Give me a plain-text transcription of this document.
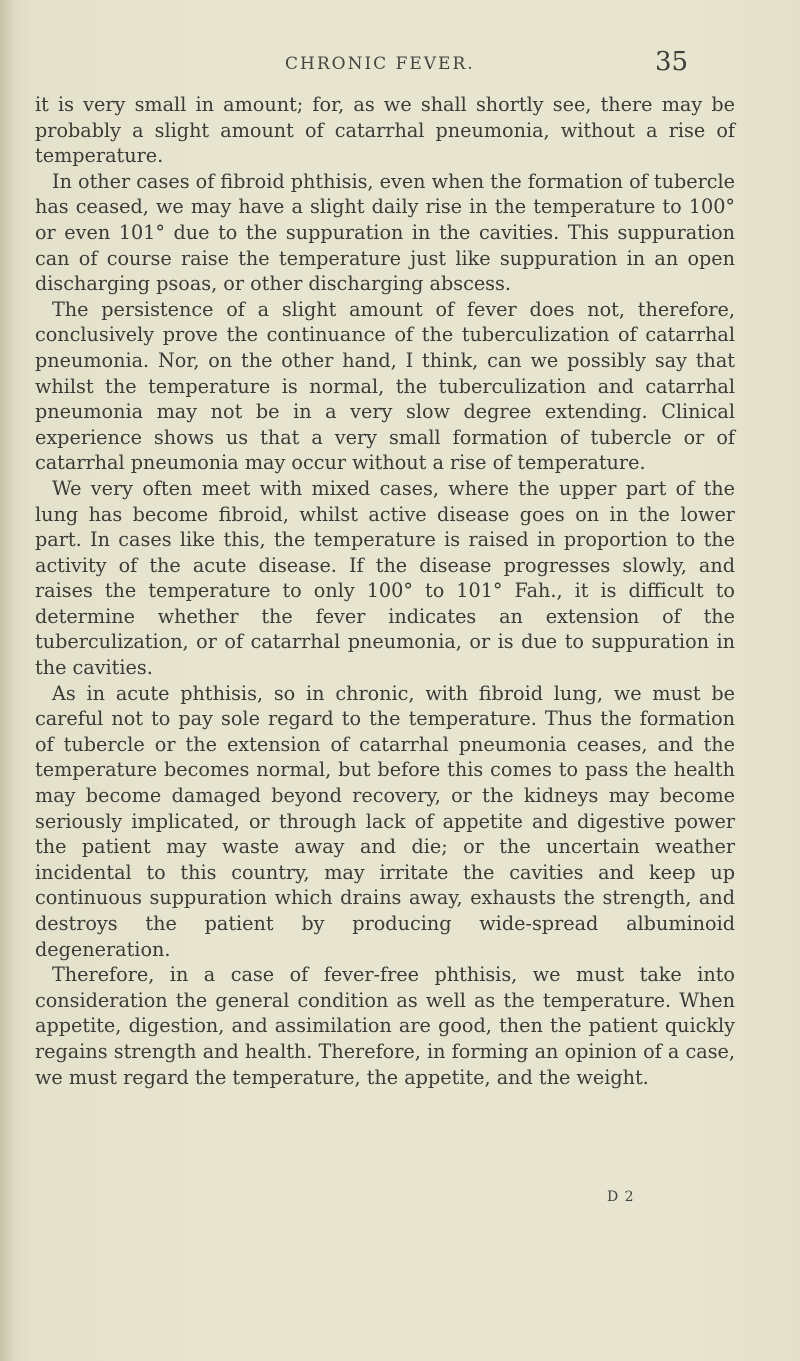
CHRONIC FEVER.	35

it is very small in amount; for, as we shall shortly see, there may be probably a slight amount of catarrhal pneumonia, without a rise of temperature.

In other cases of fibroid phthisis, even when the formation of tubercle has ceased, we may have a slight daily rise in the temperature to 100° or even 101° due to the suppuration in the cavities. This suppuration can of course raise the temperature just like suppuration in an open discharging psoas, or other discharging abscess.

The persistence of a slight amount of fever does not, therefore, conclusively prove the continuance of the tuberculization of catarrhal pneumonia. Nor, on the other hand, I think, can we possibly say that whilst the temperature is normal, the tuberculization and catarrhal pneumonia may not be in a very slow degree extending. Clinical experience shows us that a very small formation of tubercle or of catarrhal pneumonia may occur without a rise of temperature.

We very often meet with mixed cases, where the upper part of the lung has become fibroid, whilst active disease goes on in the lower part. In cases like this, the temperature is raised in proportion to the activity of the acute disease. If the disease progresses slowly, and raises the temperature to only 100° to 101° Fah., it is difficult to determine whether the fever indicates an extension of the tuberculization, or of catarrhal pneumonia, or is due to suppuration in the cavities.

As in acute phthisis, so in chronic, with fibroid lung, we must be careful not to pay sole regard to the temperature. Thus the formation of tubercle or the extension of catarrhal pneumonia ceases, and the temperature becomes normal, but before this comes to pass the health may become damaged beyond recovery, or the kidneys may become seriously implicated, or through lack of appetite and digestive power the patient may waste away and die; or the uncertain weather incidental to this country, may irritate the cavities and keep up continuous suppuration which drains away, exhausts the strength, and destroys the patient by producing wide-spread albuminoid degeneration.

Therefore, in a case of fever-free phthisis, we must take into consideration the general condition as well as the temperature. When appetite, digestion, and assimilation are good, then the patient quickly regains strength and health. Therefore, in forming an opinion of a case, we must regard the temperature, the appetite, and the weight.

D 2
